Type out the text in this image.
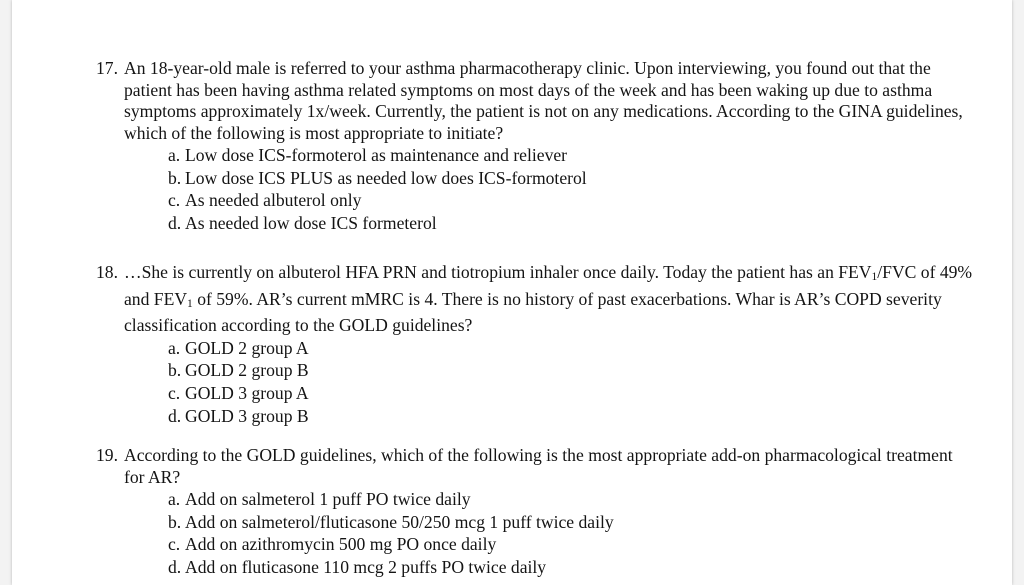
17. An 18-year-old male is referred to your asthma pharmacotherapy clinic. Upon interviewing, you found out that the patient has been having asthma related symptoms on most days of the week and has been waking up due to asthma symptoms approximately 1x/week. Currently, the patient is not on any medications. According to the GINA guidelines, which of the following is most appropriate to initiate?
a. Low dose ICS-formoterol as maintenance and reliever
b. Low dose ICS PLUS as needed low does ICS-formoterol
c. As needed albuterol only
d. As needed low dose ICS formeterol
18. …She is currently on albuterol HFA PRN and tiotropium inhaler once daily. Today the patient has an FEV1/FVC of 49% and FEV1 of 59%. AR’s current mMRC is 4. There is no history of past exacerbations. Whar is AR’s COPD severity classification according to the GOLD guidelines?
a. GOLD 2 group A
b. GOLD 2 group B
c. GOLD 3 group A
d. GOLD 3 group B
19. According to the GOLD guidelines, which of the following is the most appropriate add-on pharmacological treatment for AR?
a. Add on salmeterol 1 puff PO twice daily
b. Add on salmeterol/fluticasone 50/250 mcg 1 puff twice daily
c. Add on azithromycin 500 mg PO once daily
d. Add on fluticasone 110 mcg 2 puffs PO twice daily
